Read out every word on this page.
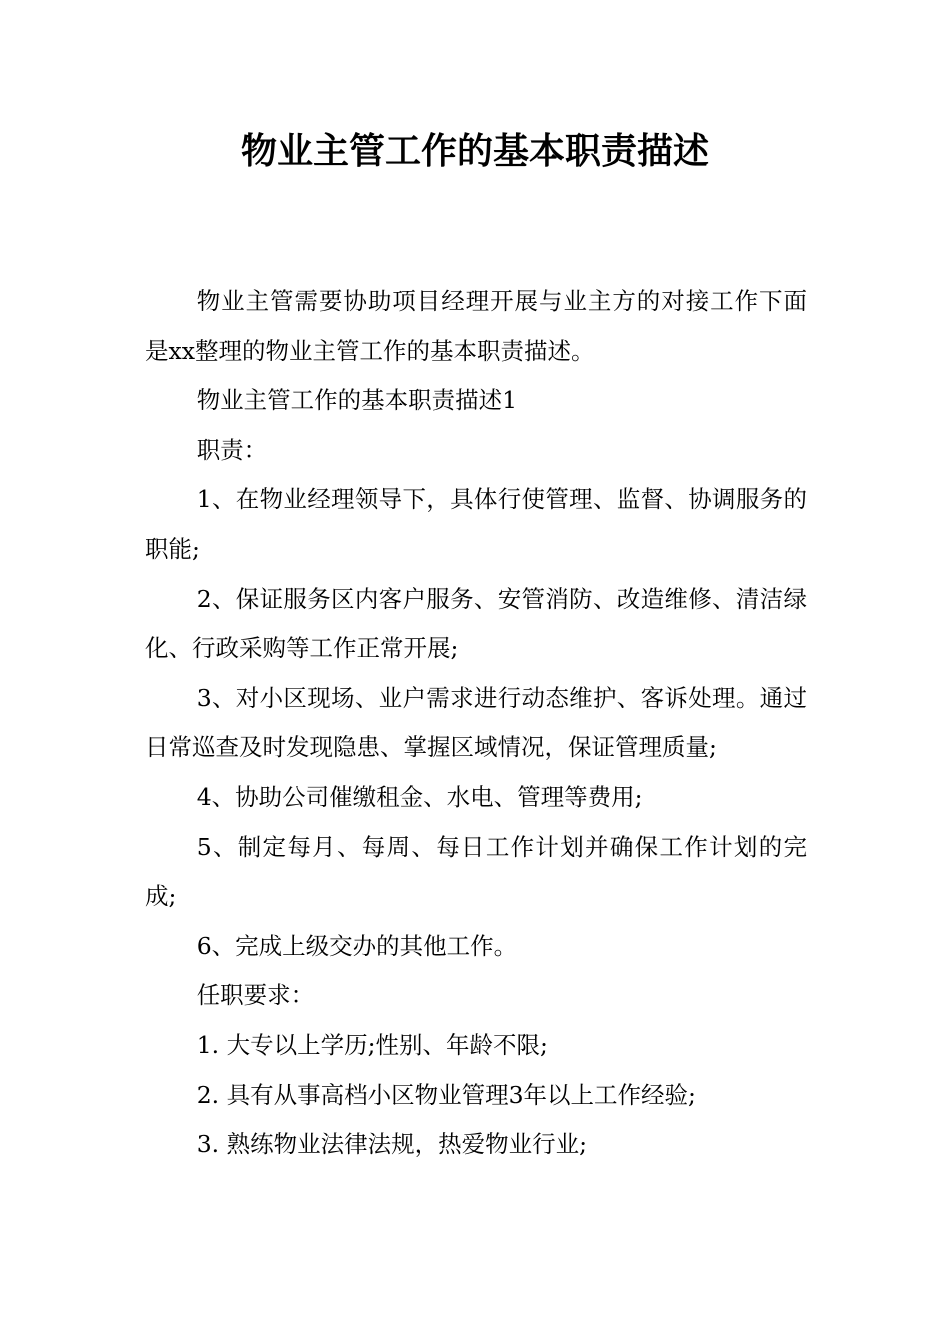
物业主管工作的基本职责描述

物业主管需要协助项目经理开展与业主方的对接工作下面是xx整理的物业主管工作的基本职责描述。

物业主管工作的基本职责描述1

职责：

1、在物业经理领导下，具体行使管理、监督、协调服务的职能;

2、保证服务区内客户服务、安管消防、改造维修、清洁绿化、行政采购等工作正常开展;

3、对小区现场、业户需求进行动态维护、客诉处理。通过日常巡查及时发现隐患、掌握区域情况，保证管理质量;

4、协助公司催缴租金、水电、管理等费用;

5、制定每月、每周、每日工作计划并确保工作计划的完成;

6、完成上级交办的其他工作。

任职要求：

1. 大专以上学历;性别、年龄不限;

2. 具有从事高档小区物业管理3年以上工作经验;

3. 熟练物业法律法规，热爱物业行业;
